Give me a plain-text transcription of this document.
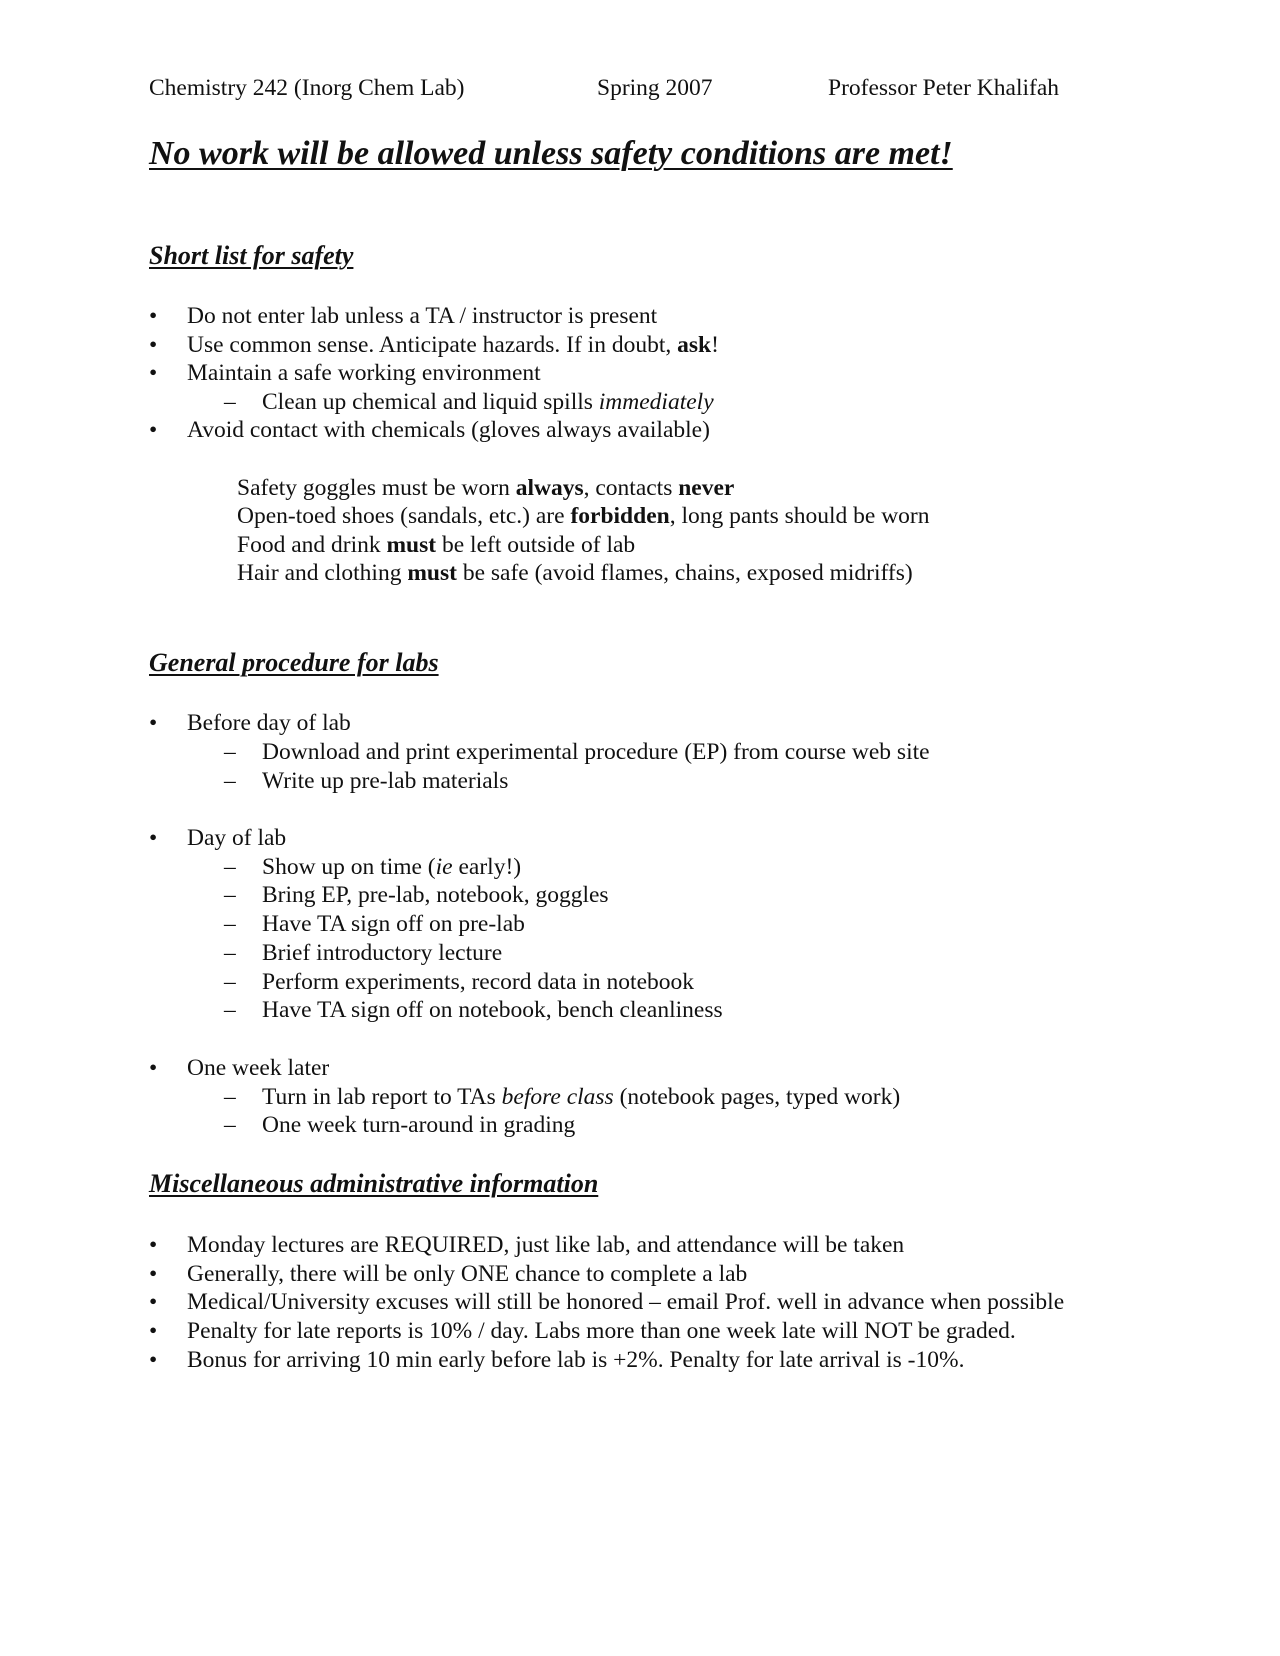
Chemistry 242 (Inorg Chem Lab)	Spring 2007	Professor Peter Khalifah
No work will be allowed unless safety conditions are met!
Short list for safety
• Do not enter lab unless a TA / instructor is present
• Use common sense. Anticipate hazards. If in doubt, ask!
• Maintain a safe working environment
– Clean up chemical and liquid spills immediately
• Avoid contact with chemicals (gloves always available)
Safety goggles must be worn always, contacts never
Open-toed shoes (sandals, etc.) are forbidden, long pants should be worn
Food and drink must be left outside of lab
Hair and clothing must be safe (avoid flames, chains, exposed midriffs)
General procedure for labs
• Before day of lab
– Download and print experimental procedure (EP) from course web site
– Write up pre-lab materials
• Day of lab
– Show up on time (ie early!)
– Bring EP, pre-lab, notebook, goggles
– Have TA sign off on pre-lab
– Brief introductory lecture
– Perform experiments, record data in notebook
– Have TA sign off on notebook, bench cleanliness
• One week later
– Turn in lab report to TAs before class (notebook pages, typed work)
– One week turn-around in grading
Miscellaneous administrative information
• Monday lectures are REQUIRED, just like lab, and attendance will be taken
• Generally, there will be only ONE chance to complete a lab
• Medical/University excuses will still be honored – email Prof. well in advance when possible
• Penalty for late reports is 10% / day. Labs more than one week late will NOT be graded.
• Bonus for arriving 10 min early before lab is +2%. Penalty for late arrival is -10%.
